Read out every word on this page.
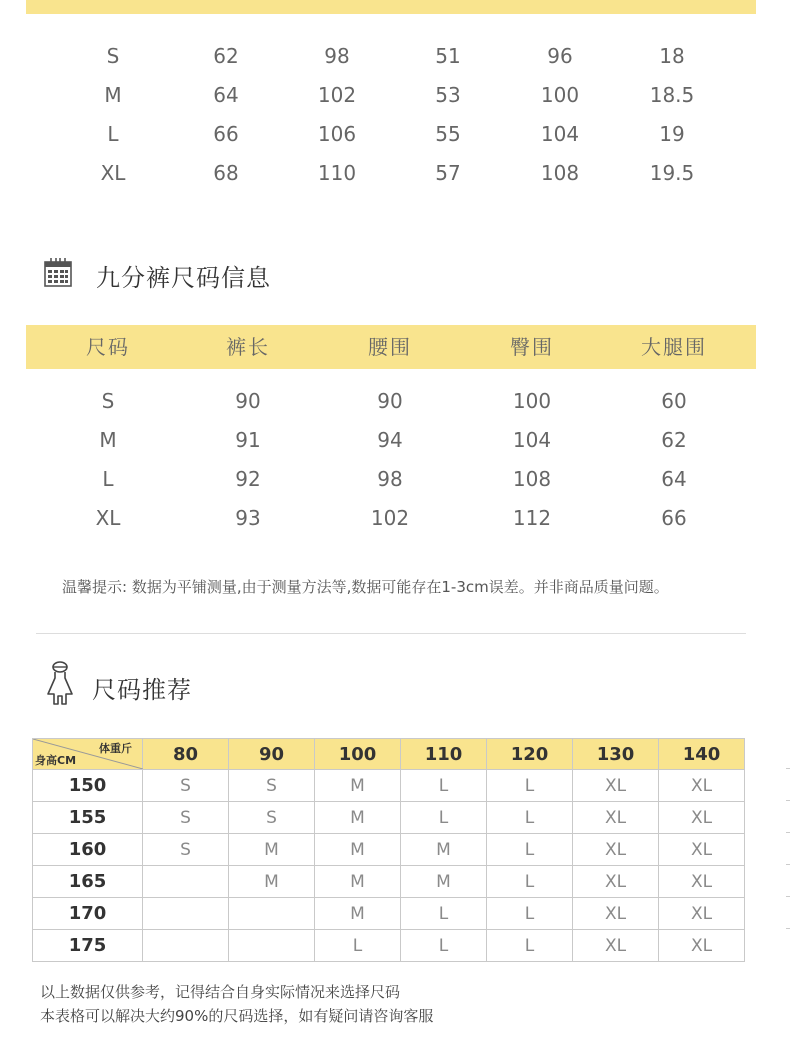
S	62	98	51	96	18
M	64	102	53	100	18.5
L	66	106	55	104	19
XL	68	110	57	108	19.5
九分裤尺码信息
尺码	裤长	腰围	臀围	大腿围
S	90	90	100	60
M	91	94	104	62
L	92	98	108	64
XL	93	102	112	66
温馨提示: 数据为平铺测量,由于测量方法等,数据可能存在1-3cm误差。并非商品质量问题。
尺码推荐
体重斤
身高CM	80	90	100	110	120	130	140
150	S	S	M	L	L	XL	XL
155	S	S	M	L	L	XL	XL
160	S	M	M	M	L	XL	XL
165		M	M	M	L	XL	XL
170			M	L	L	XL	XL
175			L	L	L	XL	XL
以上数据仅供参考，记得结合自身实际情况来选择尺码
本表格可以解决大约90%的尺码选择，如有疑问请咨询客服
